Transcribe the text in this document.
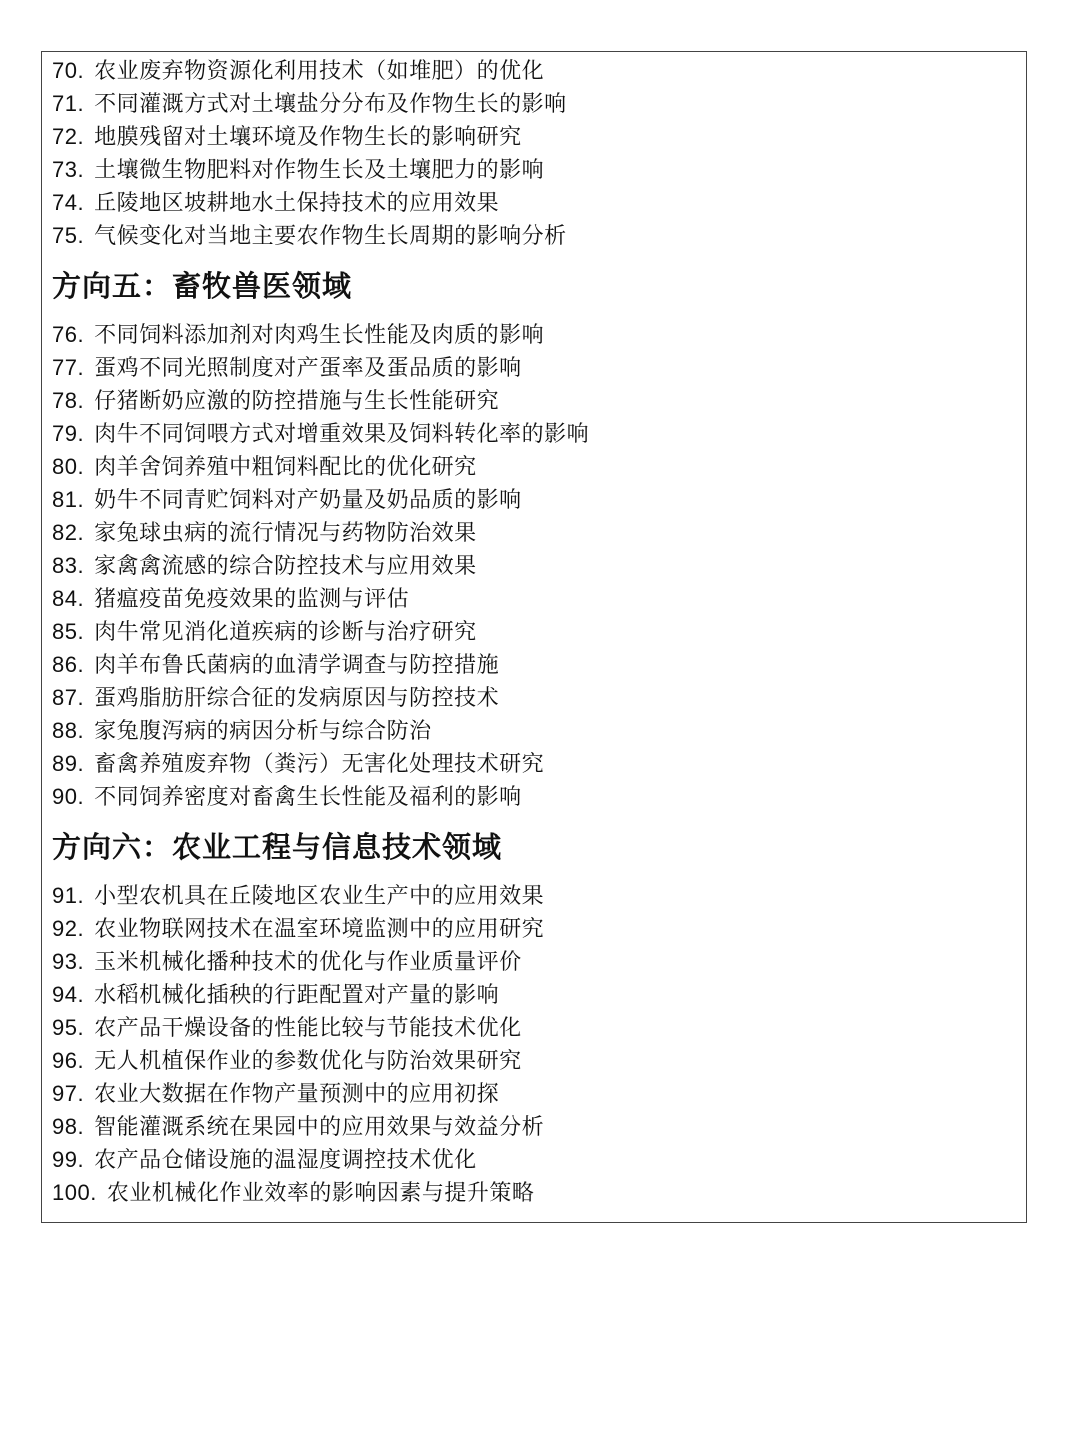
70. 农业废弃物资源化利用技术（如堆肥）的优化
71. 不同灌溉方式对土壤盐分分布及作物生长的影响
72. 地膜残留对土壤环境及作物生长的影响研究
73. 土壤微生物肥料对作物生长及土壤肥力的影响
74. 丘陵地区坡耕地水土保持技术的应用效果
75. 气候变化对当地主要农作物生长周期的影响分析
方向五：畜牧兽医领域
76. 不同饲料添加剂对肉鸡生长性能及肉质的影响
77. 蛋鸡不同光照制度对产蛋率及蛋品质的影响
78. 仔猪断奶应激的防控措施与生长性能研究
79. 肉牛不同饲喂方式对增重效果及饲料转化率的影响
80. 肉羊舍饲养殖中粗饲料配比的优化研究
81. 奶牛不同青贮饲料对产奶量及奶品质的影响
82. 家兔球虫病的流行情况与药物防治效果
83. 家禽禽流感的综合防控技术与应用效果
84. 猪瘟疫苗免疫效果的监测与评估
85. 肉牛常见消化道疾病的诊断与治疗研究
86. 肉羊布鲁氏菌病的血清学调查与防控措施
87. 蛋鸡脂肪肝综合征的发病原因与防控技术
88. 家兔腹泻病的病因分析与综合防治
89. 畜禽养殖废弃物（粪污）无害化处理技术研究
90. 不同饲养密度对畜禽生长性能及福利的影响
方向六：农业工程与信息技术领域
91. 小型农机具在丘陵地区农业生产中的应用效果
92. 农业物联网技术在温室环境监测中的应用研究
93. 玉米机械化播种技术的优化与作业质量评价
94. 水稻机械化插秧的行距配置对产量的影响
95. 农产品干燥设备的性能比较与节能技术优化
96. 无人机植保作业的参数优化与防治效果研究
97. 农业大数据在作物产量预测中的应用初探
98. 智能灌溉系统在果园中的应用效果与效益分析
99. 农产品仓储设施的温湿度调控技术优化
100. 农业机械化作业效率的影响因素与提升策略
